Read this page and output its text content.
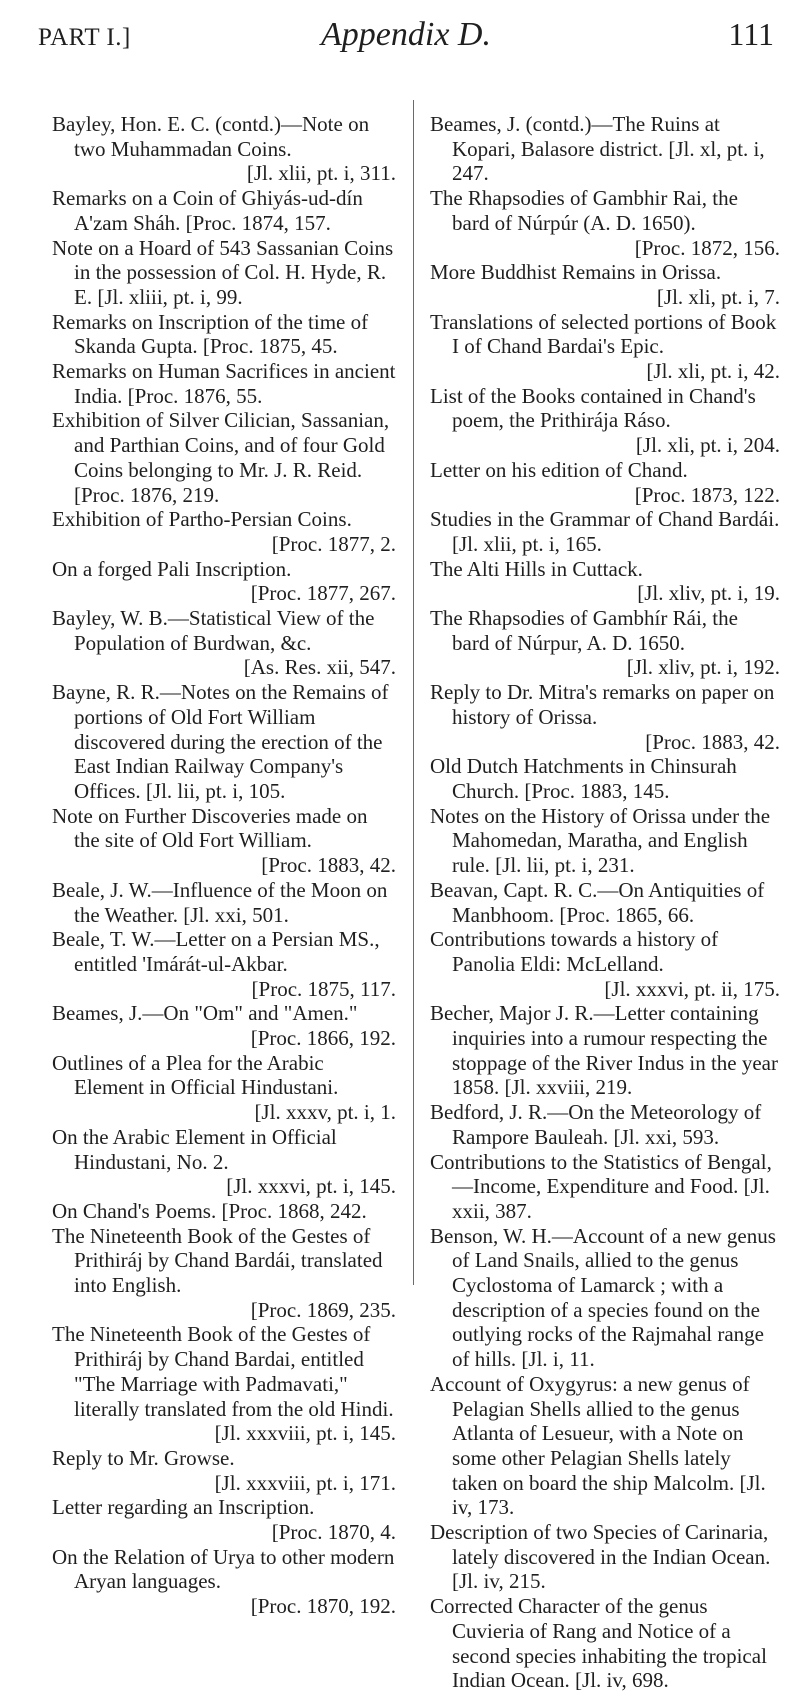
PART I.]	Appendix D.	111

Bayley, Hon. E. C. (contd.)—Note on two Muhammadan Coins.

[Jl. xlii, pt. i, 311.

Remarks on a Coin of Ghiyás-ud-dín A'zam Sháh. [Proc. 1874, 157.

Note on a Hoard of 543 Sassanian Coins in the possession of Col. H. Hyde, R. E. [Jl. xliii, pt. i, 99.

Remarks on Inscription of the time of Skanda Gupta. [Proc. 1875, 45.

Remarks on Human Sacrifices in ancient India. [Proc. 1876, 55.

Exhibition of Silver Cilician, Sassanian, and Parthian Coins, and of four Gold Coins belonging to Mr. J. R. Reid. [Proc. 1876, 219.

Exhibition of Partho-Persian Coins.

[Proc. 1877, 2.

On a forged Pali Inscription.

[Proc. 1877, 267.

Bayley, W. B.—Statistical View of the Population of Burdwan, &c.

[As. Res. xii, 547.

Bayne, R. R.—Notes on the Remains of portions of Old Fort William discovered during the erection of the East Indian Railway Company's Offices. [Jl. lii, pt. i, 105.

Note on Further Discoveries made on the site of Old Fort William.

[Proc. 1883, 42.

Beale, J. W.—Influence of the Moon on the Weather. [Jl. xxi, 501.

Beale, T. W.—Letter on a Persian MS., entitled 'Imárát-ul-Akbar.

[Proc. 1875, 117.

Beames, J.—On "Om" and "Amen."

[Proc. 1866, 192.

Outlines of a Plea for the Arabic Element in Official Hindustani.

[Jl. xxxv, pt. i, 1.

On the Arabic Element in Official Hindustani, No. 2.

[Jl. xxxvi, pt. i, 145.

On Chand's Poems. [Proc. 1868, 242.

The Nineteenth Book of the Gestes of Prithiráj by Chand Bardái, translated into English.

[Proc. 1869, 235.

The Nineteenth Book of the Gestes of Prithiráj by Chand Bardai, entitled "The Marriage with Padmavati," literally translated from the old Hindi.

[Jl. xxxviii, pt. i, 145.

Reply to Mr. Growse.

[Jl. xxxviii, pt. i, 171.

Letter regarding an Inscription.

[Proc. 1870, 4.

On the Relation of Urya to other modern Aryan languages.

[Proc. 1870, 192.

Beames, J. (contd.)—The Ruins at Kopari, Balasore district. [Jl. xl, pt. i, 247.

The Rhapsodies of Gambhir Rai, the bard of Núrpúr (A. D. 1650).

[Proc. 1872, 156.

More Buddhist Remains in Orissa.

[Jl. xli, pt. i, 7.

Translations of selected portions of Book I of Chand Bardai's Epic.

[Jl. xli, pt. i, 42.

List of the Books contained in Chand's poem, the Prithirája Ráso.

[Jl. xli, pt. i, 204.

Letter on his edition of Chand.

[Proc. 1873, 122.

Studies in the Grammar of Chand Bardái. [Jl. xlii, pt. i, 165.

The Alti Hills in Cuttack.

[Jl. xliv, pt. i, 19.

The Rhapsodies of Gambhír Rái, the bard of Núrpur, A. D. 1650.

[Jl. xliv, pt. i, 192.

Reply to Dr. Mitra's remarks on paper on history of Orissa.

[Proc. 1883, 42.

Old Dutch Hatchments in Chinsurah Church. [Proc. 1883, 145.

Notes on the History of Orissa under the Mahomedan, Maratha, and English rule. [Jl. lii, pt. i, 231.

Beavan, Capt. R. C.—On Antiquities of Manbhoom. [Proc. 1865, 66.

Contributions towards a history of Panolia Eldi: McLelland.

[Jl. xxxvi, pt. ii, 175.

Becher, Major J. R.—Letter containing inquiries into a rumour respecting the stoppage of the River Indus in the year 1858. [Jl. xxviii, 219.

Bedford, J. R.—On the Meteorology of Rampore Bauleah. [Jl. xxi, 593.

Contributions to the Statistics of Bengal,—Income, Expenditure and Food. [Jl. xxii, 387.

Benson, W. H.—Account of a new genus of Land Snails, allied to the genus Cyclostoma of Lamarck ; with a description of a species found on the outlying rocks of the Rajmahal range of hills. [Jl. i, 11.

Account of Oxygyrus: a new genus of Pelagian Shells allied to the genus Atlanta of Lesueur, with a Note on some other Pelagian Shells lately taken on board the ship Malcolm. [Jl. iv, 173.

Description of two Species of Carinaria, lately discovered in the Indian Ocean. [Jl. iv, 215.

Corrected Character of the genus Cuvieria of Rang and Notice of a second species inhabiting the tropical Indian Ocean. [Jl. iv, 698.
